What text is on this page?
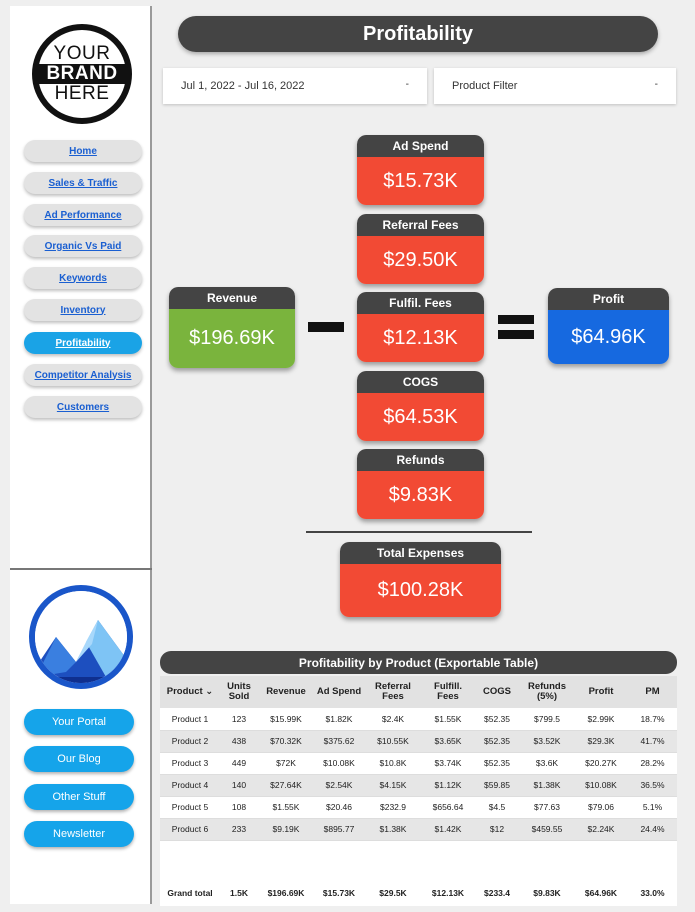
YOUR
BRAND
HERE
Home
Sales & Traffic
Ad Performance
Organic Vs Paid
Keywords
Inventory
Profitability
Competitor Analysis
Customers
Your Portal
Our Blog
Other Stuff
Newsletter
Profitability
Jul 1, 2022 - Jul 16, 2022	-	Product Filter	-
Revenue
$196.69K
Ad Spend
$15.73K
Referral Fees
$29.50K
Fulfil. Fees
$12.13K
COGS
$64.53K
Refunds
$9.83K
Profit
$64.96K
Total Expenses
$100.28K
Profitability by Product (Exportable Table)
Product ⌄	Units Sold	Revenue	Ad Spend	Referral Fees	Fulfill. Fees	COGS	Refunds (5%)	Profit	PM
Product 1	123	$15.99K	$1.82K	$2.4K	$1.55K	$52.35	$799.5	$2.99K	18.7%
Product 2	438	$70.32K	$375.62	$10.55K	$3.65K	$52.35	$3.52K	$29.3K	41.7%
Product 3	449	$72K	$10.08K	$10.8K	$3.74K	$52.35	$3.6K	$20.27K	28.2%
Product 4	140	$27.64K	$2.54K	$4.15K	$1.12K	$59.85	$1.38K	$10.08K	36.5%
Product 5	108	$1.55K	$20.46	$232.9	$656.64	$4.5	$77.63	$79.06	5.1%
Product 6	233	$9.19K	$895.77	$1.38K	$1.42K	$12	$459.55	$2.24K	24.4%

Grand total	1.5K	$196.69K	$15.73K	$29.5K	$12.13K	$233.4	$9.83K	$64.96K	33.0%
